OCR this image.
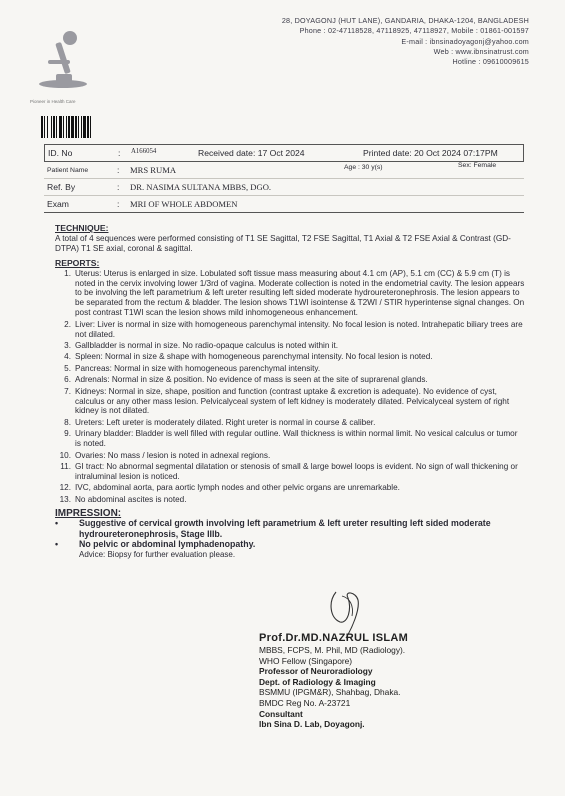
Pioneer in Health Care
28, DOYAGONJ (HUT LANE), GANDARIA, DHAKA-1204, BANGLADESH
Phone : 02-47118528, 47118925, 47118927, Mobile : 01861-001597
E-mail : ibnsinadoyagonj@yahoo.com
Web : www.ibnsinatrust.com
Hotline : 09610009615
ID. No	: A166054	Received date: 17 Oct 2024	Printed date: 20 Oct 2024 07:17PM
Patient Name	: MRS RUMA	Age : 30 y(s)	Sex: Female
Ref. By	: DR. NASIMA SULTANA MBBS, DGO.
Exam	: MRI OF WHOLE ABDOMEN
TECHNIQUE:

A total of 4 sequences were performed consisting of T1 SE Sagittal, T2 FSE Sagittal, T1 Axial & T2 FSE Axial & Contrast (GD-DTPA) T1 SE axial, coronal & sagittal.

REPORTS:
1. Uterus: Uterus is enlarged in size. Lobulated soft tissue mass measuring about 4.1 cm (AP), 5.1 cm (CC) & 5.9 cm (T) is noted in the cervix involving lower 1/3rd of vagina. Moderate collection is noted in the endometrial cavity. The lesion appears to be involving the left parametrium & left ureter resulting left sided moderate hydroureteronephrosis. The lesion appears to be separated from the rectum & bladder. The lesion shows T1WI isointense & T2WI / STIR hyperintense signal changes. On post contrast T1WI scan the lesion shows mild inhomogeneous enhancement.
2. Liver: Liver is normal in size with homogeneous parenchymal intensity. No focal lesion is noted. Intrahepatic biliary trees are not dilated.
3. Gallbladder is normal in size. No radio-opaque calculus is noted within it.
4. Spleen: Normal in size & shape with homogeneous parenchymal intensity. No focal lesion is noted.
5. Pancreas: Normal in size with homogeneous parenchymal intensity.
6. Adrenals: Normal in size & position. No evidence of mass is seen at the site of suprarenal glands.
7. Kidneys: Normal in size, shape, position and function (contrast uptake & excretion is adequate). No evidence of cyst, calculus or any other mass lesion. Pelvicalyceal system of left kidney is moderately dilated. Pelvicalyceal system of right kidney is not dilated.
8. Ureters: Left ureter is moderately dilated. Right ureter is normal in course & caliber.
9. Urinary bladder: Bladder is well filled with regular outline. Wall thickness is within normal limit. No vesical calculus or tumor is noted.
10. Ovaries: No mass / lesion is noted in adnexal regions.
11. GI tract: No abnormal segmental dilatation or stenosis of small & large bowel loops is evident. No sign of wall thickening or intraluminal lesion is noticed.
12. IVC, abdominal aorta, para aortic lymph nodes and other pelvic organs are unremarkable.
13. No abdominal ascites is noted.
IMPRESSION:
• Suggestive of cervical growth involving left parametrium & left ureter resulting left sided moderate hydroureteronephrosis, Stage IIIb.
• No pelvic or abdominal lymphadenopathy.
Advice: Biopsy for further evaluation please.
Prof.Dr.MD.NAZRUL ISLAM
MBBS, FCPS, M. Phil, MD (Radiology).
WHO Fellow (Singapore)
Professor of Neuroradiology
Dept. of Radiology & Imaging
BSMMU (IPGM&R), Shahbag, Dhaka.
BMDC Reg No. A-23721
Consultant
Ibn Sina D. Lab, Doyagonj.
